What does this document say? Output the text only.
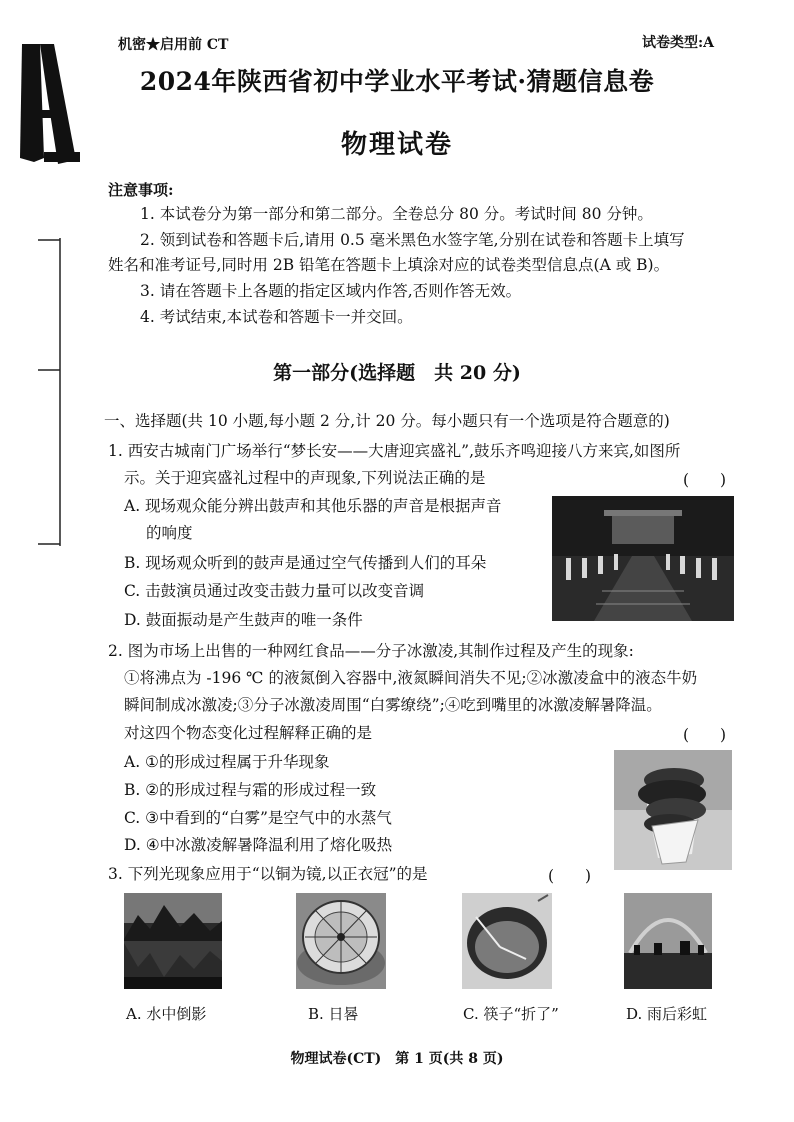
机密★启用前 CT	试卷类型:A
2024年陕西省初中学业水平考试·猜题信息卷
物理试卷
注意事项:
1. 本试卷分为第一部分和第二部分。全卷总分 80 分。考试时间 80 分钟。
2. 领到试卷和答题卡后,请用 0.5 毫米黑色水签字笔,分别在试卷和答题卡上填写
姓名和准考证号,同时用 2B 铅笔在答题卡上填涂对应的试卷类型信息点(A 或 B)。
3. 请在答题卡上各题的指定区域内作答,否则作答无效。
4. 考试结束,本试卷和答题卡一并交回。
第一部分(选择题　共 20 分)
一、选择题(共 10 小题,每小题 2 分,计 20 分。每小题只有一个选项是符合题意的)
1. 西安古城南门广场举行“梦长安——大唐迎宾盛礼”,鼓乐齐鸣迎接八方来宾,如图所
示。关于迎宾盛礼过程中的声现象,下列说法正确的是	(　　)
A. 现场观众能分辨出鼓声和其他乐器的声音是根据声音
的响度
B. 现场观众听到的鼓声是通过空气传播到人们的耳朵
C. 击鼓演员通过改变击鼓力量可以改变音调
D. 鼓面振动是产生鼓声的唯一条件
2. 图为市场上出售的一种网红食品——分子冰激凌,其制作过程及产生的现象:
①将沸点为 -196 ℃ 的液氮倒入容器中,液氮瞬间消失不见;②冰激凌盒中的液态牛奶
瞬间制成冰激凌;③分子冰激凌周围“白雾缭绕”;④吃到嘴里的冰激凌解暑降温。
对这四个物态变化过程解释正确的是	(　　)
A. ①的形成过程属于升华现象
B. ②的形成过程与霜的形成过程一致
C. ③中看到的“白雾”是空气中的水蒸气
D. ④中冰激凌解暑降温利用了熔化吸热
3. 下列光现象应用于“以铜为镜,以正衣冠”的是	(　　)
A. 水中倒影	B. 日晷	C. 筷子“折了”	D. 雨后彩虹
物理试卷(CT)　第 1 页(共 8 页)
